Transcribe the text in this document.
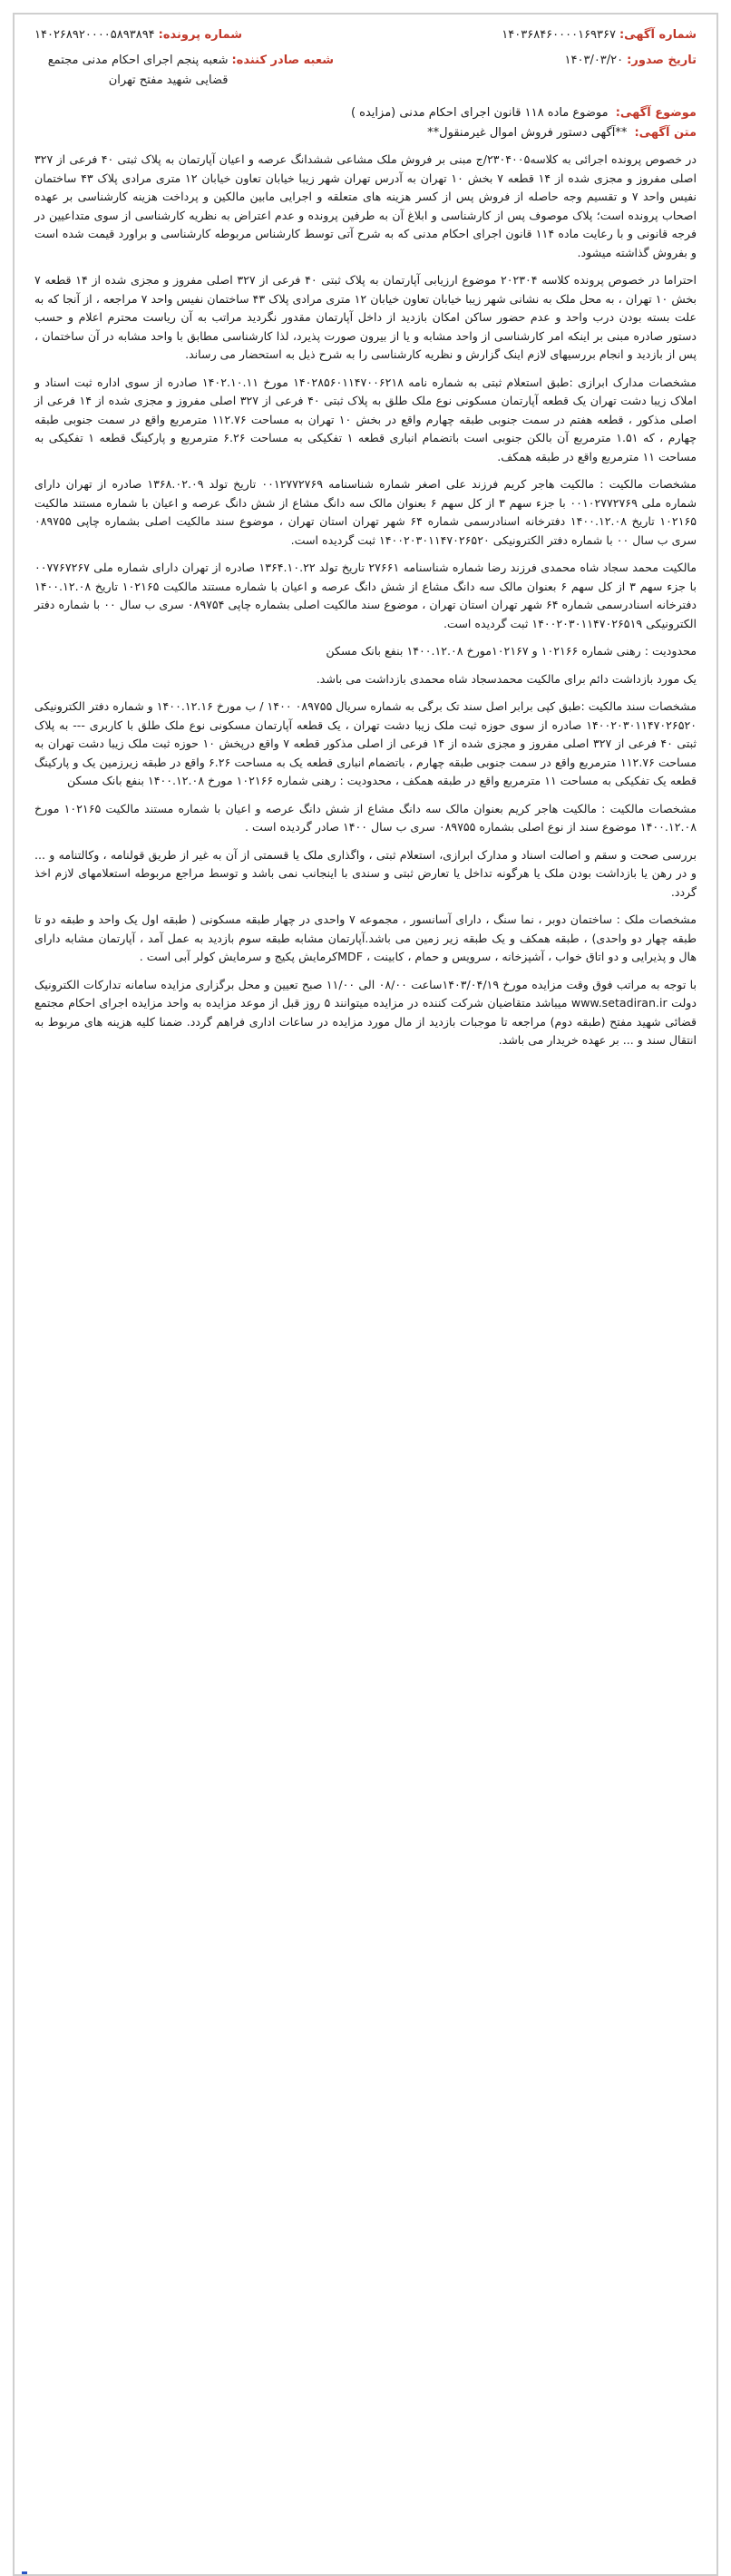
شماره آگهی:
۱۴۰۳۶۸۴۶۰۰۰۰۱۶۹۳۶۷
شماره پرونده:
۱۴۰۲۶۸۹۲۰۰۰۰۵۸۹۳۸۹۴
تاریخ صدور:
۱۴۰۳/۰۳/۲۰
شعبه صادر کننده:
شعبه پنجم اجرای احکام مدنی مجتمع قضایی شهید مفتح تهران
موضوع آگهی: موضوع ماده ۱۱۸ قانون اجرای احکام مدنی (مزایده )
متن آگهی: **آگهی دستور فروش اموال غیرمنقول**

در خصوص پرونده اجرائی به کلاسه۲۳۰۴۰۰۵/ج مبنی بر فروش ملک مشاعی ششدانگ عرصه و اعیان آپارتمان به پلاک ثبتی ۴۰ فرعی از ۳۲۷ اصلی مفروز و مجزی شده از ۱۴ قطعه ۷ بخش ۱۰ تهران به آدرس تهران شهر زیبا خیابان تعاون خیابان ۱۲ متری مرادی پلاک ۴۳ ساختمان نفیس واحد ۷ و تقسیم وجه حاصله از فروش پس از کسر هزینه های متعلقه و اجرایی مابین مالکین و پرداخت هزینه کارشناسی بر عهده اصحاب پرونده است؛ پلاک موصوف پس از کارشناسی و ابلاغ آن به طرفین پرونده و عدم اعتراض به نظریه کارشناسی از سوی متداعیین در فرجه قانونی و با رعایت ماده ۱۱۴ قانون اجرای احکام مدنی که به شرح آتی توسط کارشناس مربوطه کارشناسی و براورد قیمت شده است و بفروش گذاشته میشود.

احتراما در خصوص پرونده کلاسه ۲۰۲۳۰۴ موضوع ارزیابی آپارتمان به پلاک ثبتی ۴۰ فرعی از ۳۲۷ اصلی مفروز و مجزی شده از ۱۴ قطعه ۷ بخش ۱۰ تهران ، به محل ملک به نشانی شهر زیبا خیابان تعاون خیابان ۱۲ متری مرادی پلاک ۴۳ ساختمان نفیس واحد ۷ مراجعه ، از آنجا که به علت بسته بودن درب واحد و عدم حضور ساکن امکان بازدید از داخل آپارتمان مقدور نگردید مراتب به آن ریاست محترم اعلام و حسب دستور صادره مبنی بر اینکه امر کارشناسی از واحد مشابه و یا از بیرون صورت پذیرد، لذا کارشناسی مطابق با واحد مشابه در آن ساختمان ، پس از بازدید و انجام بررسیهای لازم اینک گزارش و نظریه کارشناسی را به شرح ذیل به استحضار می رساند.

مشخصات مدارک ابرازی :طبق استعلام ثبتی به شماره نامه ۱۴۰۲۸۵۶۰۱۱۴۷۰۰۶۲۱۸ مورخ ۱۴۰۲.۱۰.۱۱ صادره از سوی اداره ثبت اسناد و املاک زیبا دشت تهران یک قطعه آپارتمان مسکونی نوع ملک طلق به پلاک ثبتی ۴۰ فرعی از ۳۲۷ اصلی مفروز و مجزی شده از ۱۴ فرعی از اصلی مذکور ، قطعه هفتم در سمت جنوبی طبقه چهارم واقع در بخش ۱۰ تهران به مساحت ۱۱۲.۷۶ مترمربع واقع در سمت جنوبی طبقه چهارم ، که ۱.۵۱ مترمربع آن بالکن جنوبی است باتضمام انباری قطعه ۱ تفکیکی به مساحت ۶.۲۶ مترمربع و پارکینگ قطعه ۱ تفکیکی به مساحت ۱۱ مترمربع واقع در طبقه همکف.

مشخصات مالکیت : مالکیت هاجر کریم فرزند علی اصغر شماره شناسنامه ۰۰۱۲۷۷۲۷۶۹ تاریخ تولد ۱۳۶۸.۰۲.۰۹ صادره از تهران دارای شماره ملی ۰۰۱۰۲۷۷۲۷۶۹ با جزء سهم ۳ از کل سهم ۶ بعنوان مالک سه دانگ مشاع از شش دانگ عرصه و اعیان با شماره مستند مالکیت ۱۰۲۱۶۵ تاریخ ۱۴۰۰.۱۲.۰۸ دفترخانه اسنادرسمی شماره ۶۴ شهر تهران استان تهران ، موضوع سند مالکیت اصلی بشماره چاپی ۰۸۹۷۵۵ سری ب سال ۰۰ با شماره دفتر الکترونیکی ۱۴۰۰۲۰۳۰۱۱۴۷۰۲۶۵۲۰ ثبت گردیده است.

مالکیت محمد سجاد شاه محمدی فرزند رضا شماره شناسنامه ۲۷۶۶۱ تاریخ تولد ۱۳۶۴.۱۰.۲۲ صادره از تهران دارای شماره ملی ۰۰۷۷۶۷۲۶۷ با جزء سهم ۳ از کل سهم ۶ بعنوان مالک سه دانگ مشاع از شش دانگ عرصه و اعیان با شماره مستند مالکیت ۱۰۲۱۶۵ تاریخ ۱۴۰۰.۱۲.۰۸ دفترخانه اسنادرسمی شماره ۶۴ شهر تهران استان تهران ، موضوع سند مالکیت اصلی بشماره چاپی ۰۸۹۷۵۴ سری ب سال ۰۰ با شماره دفتر الکترونیکی ۱۴۰۰۲۰۳۰۱۱۴۷۰۲۶۵۱۹ ثبت گردیده است.

محدودیت : رهنی شماره ۱۰۲۱۶۶ و ۱۰۲۱۶۷مورخ ۱۴۰۰.۱۲.۰۸ بنفع بانک مسکن

یک مورد بازداشت دائم برای مالکیت محمدسجاد شاه محمدی بازداشت می باشد.

مشخصات سند مالکیت :طبق کپی برابر اصل سند تک برگی به شماره سریال ۰۸۹۷۵۵ ۱۴۰۰ / ب مورخ ۱۴۰۰.۱۲.۱۶ و شماره دفتر الکترونیکی ۱۴۰۰۲۰۳۰۱۱۴۷۰۲۶۵۲۰ صادره از سوی حوزه ثبت ملک زیبا دشت تهران ، یک قطعه آپارتمان مسکونی نوع ملک طلق با کاربری --- به پلاک ثبتی ۴۰ فرعی از ۳۲۷ اصلی مفروز و مجزی شده از ۱۴ فرعی از اصلی مذکور قطعه ۷ واقع درپخش ۱۰ حوزه ثبت ملک زیبا دشت تهران به مساحت ۱۱۲.۷۶ مترمربع واقع در سمت جنوبی طبقه چهارم ، باتضمام انباری قطعه یک به مساحت ۶.۲۶ واقع در طبقه زیرزمین یک و پارکینگ قطعه یک تفکیکی به مساحت ۱۱ مترمربع واقع در طبقه همکف ، محدودیت : رهنی شماره ۱۰۲۱۶۶ مورخ ۱۴۰۰.۱۲.۰۸ بنفع بانک مسکن

مشخصات مالکیت : مالکیت هاجر کریم بعنوان مالک سه دانگ مشاع از شش دانگ عرصه و اعیان با شماره مستند مالکیت ۱۰۲۱۶۵ مورخ ۱۴۰۰.۱۲.۰۸ موضوع سند از نوع اصلی بشماره ۰۸۹۷۵۵ سری ب سال ۱۴۰۰ صادر گردیده است .

بررسی صحت و سقم و اصالت اسناد و مدارک ابرازی، استعلام ثبتی ، واگذاری ملک یا قسمتی از آن به غیر از طریق قولنامه ، وکالتنامه و ... و در رهن یا بازداشت بودن ملک یا هرگونه تداخل یا تعارض ثبتی و سندی با اینجانب نمی باشد و توسط مراجع مربوطه استعلامهای لازم اخذ گردد.

مشخصات ملک : ساختمان دوبر ، نما سنگ ، دارای آسانسور ، مجموعه ۷ واحدی در چهار طبقه مسکونی ( طبقه اول یک واحد و طبقه دو تا طبقه چهار دو واحدی) ، طبقه همکف و یک طبقه زیر زمین می باشد.آپارتمان مشابه طبقه سوم بازدید به عمل آمد ، آپارتمان مشابه دارای هال و پذیرایی و دو اتاق خواب ، آشپزخانه ، سرویس و حمام ، کابینت ، MDFکرمایش پکیج و سرمایش کولر آبی است .

با توجه به مراتب فوق وقت مزایده مورخ ۱۴۰۳/۰۴/۱۹ساعت ۰۸/۰۰ الی ۱۱/۰۰ صبح تعیین و محل برگزاری مزایده سامانه تدارکات الکترونیک دولت www.setadiran.ir میباشد متقاضیان شرکت کننده در مزایده میتوانند ۵ روز قبل از موعد مزایده به واحد مزایده اجرای احکام مجتمع قضائی شهید مفتح (طبقه دوم) مراجعه تا موجبات بازدید از مال مورد مزایده در ساعات اداری فراهم گردد. ضمنا کلیه هزینه های مربوط به انتقال سند و ... بر عهده خریدار می باشد.
